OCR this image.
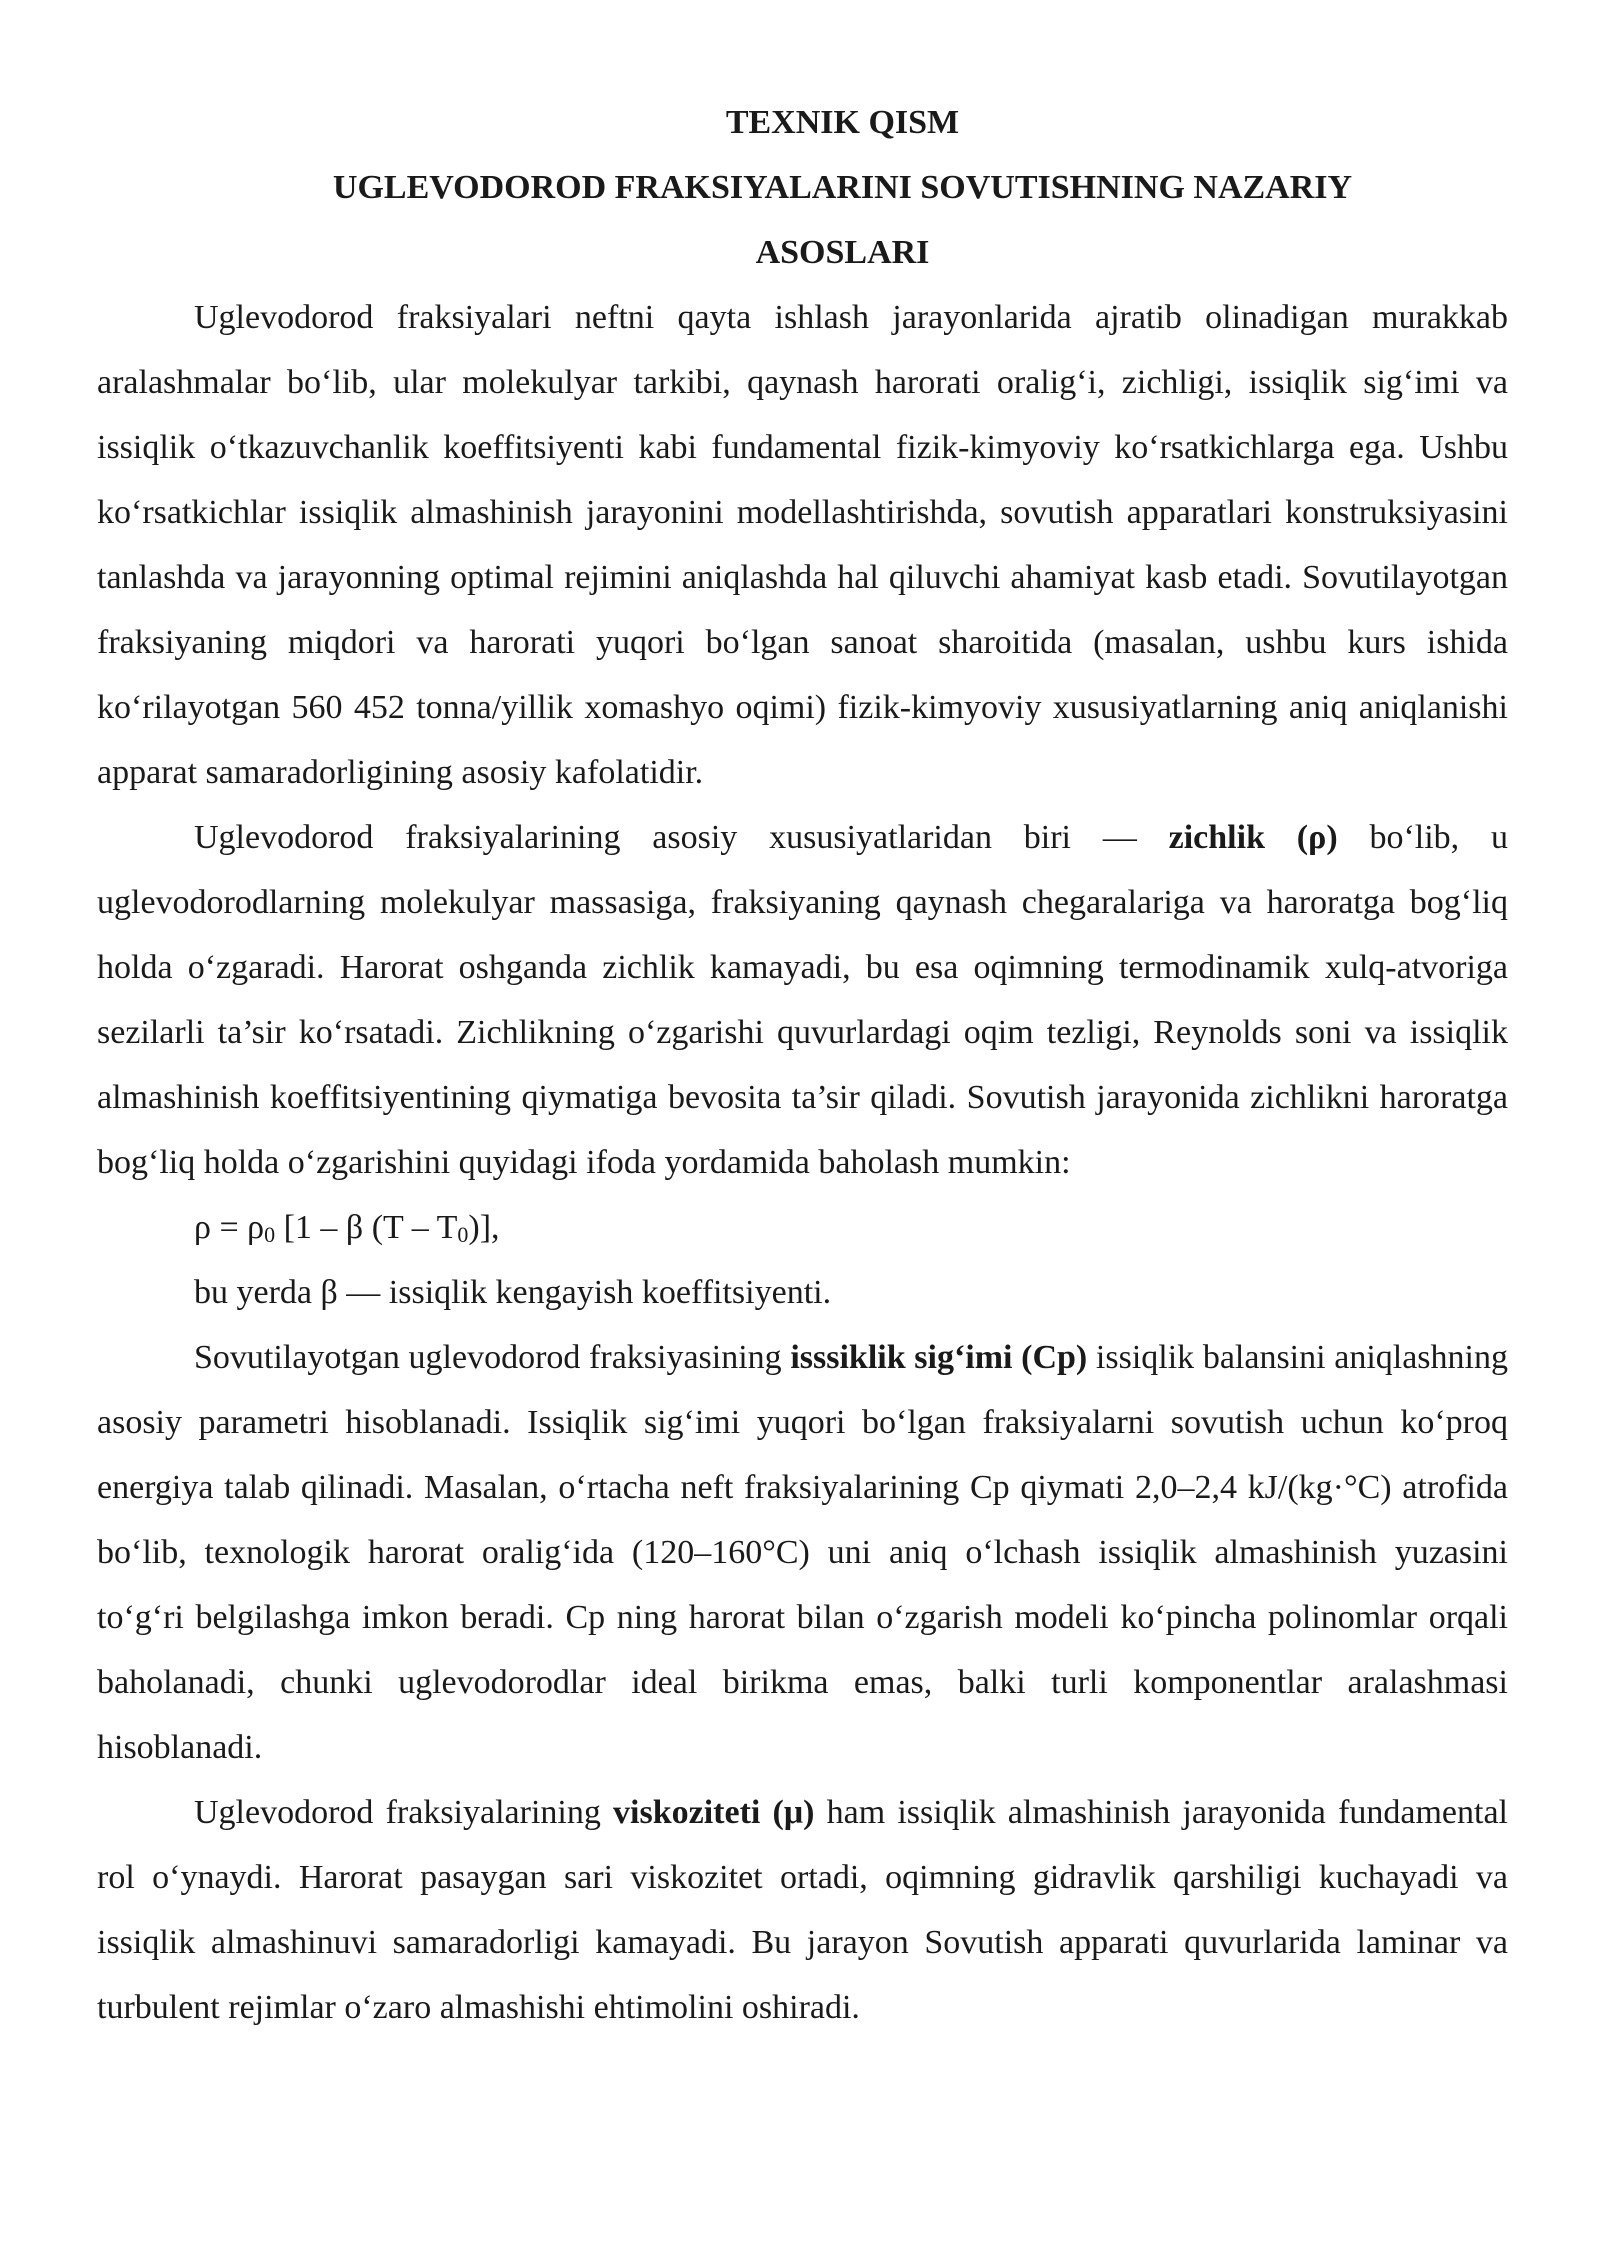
TEXNIK QISM

UGLEVODOROD FRAKSIYALARINI SOVUTISHNING NAZARIY

ASOSLARI

Uglevodorod fraksiyalari neftni qayta ishlash jarayonlarida ajratib olinadigan murakkab aralashmalar bo‘lib, ular molekulyar tarkibi, qaynash harorati oralig‘i, zichligi, issiqlik sig‘imi va issiqlik o‘tkazuvchanlik koeffitsiyenti kabi fundamental fizik-kimyoviy ko‘rsatkichlarga ega. Ushbu ko‘rsatkichlar issiqlik almashinish jarayonini modellashtirishda, sovutish apparatlari konstruksiyasini tanlashda va jarayonning optimal rejimini aniqlashda hal qiluvchi ahamiyat kasb etadi. Sovutilayotgan fraksiyaning miqdori va harorati yuqori bo‘lgan sanoat sharoitida (masalan, ushbu kurs ishida ko‘rilayotgan 560 452 tonna/yillik xomashyo oqimi) fizik-kimyoviy xususiyatlarning aniq aniqlanishi apparat samaradorligining asosiy kafolatidir.

Uglevodorod fraksiyalarining asosiy xususiyatlaridan biri — zichlik (ρ) bo‘lib, u uglevodorodlarning molekulyar massasiga, fraksiyaning qaynash chegaralariga va haroratga bog‘liq holda o‘zgaradi. Harorat oshganda zichlik kamayadi, bu esa oqimning termodinamik xulq-atvoriga sezilarli ta’sir ko‘rsatadi. Zichlikning o‘zgarishi quvurlardagi oqim tezligi, Reynolds soni va issiqlik almashinish koeffitsiyentining qiymatiga bevosita ta’sir qiladi. Sovutish jarayonida zichlikni haroratga bog‘liq holda o‘zgarishini quyidagi ifoda yordamida baholash mumkin:

$\rho = \rho_0$ [1 – β $(T - T_0)$],

bu yerda β — issiqlik kengayish koeffitsiyenti.

Sovutilayotgan uglevodorod fraksiyasining isssiklik sig‘imi (Cp) issiqlik balansini aniqlashning asosiy parametri hisoblanadi. Issiqlik sig‘imi yuqori bo‘lgan fraksiyalarni sovutish uchun ko‘proq energiya talab qilinadi. Masalan, o‘rtacha neft fraksiyalarining Cp qiymati 2,0–2,4 kJ/(kg·°C) atrofida bo‘lib, texnologik harorat oralig‘ida (120–160°C) uni aniq o‘lchash issiqlik almashinish yuzasini to‘g‘ri belgilashga imkon beradi. Cp ning harorat bilan o‘zgarish modeli ko‘pincha polinomlar orqali baholanadi, chunki uglevodorodlar ideal birikma emas, balki turli komponentlar aralashmasi hisoblanadi.

Uglevodorod fraksiyalarining viskoziteti (μ) ham issiqlik almashinish jarayonida fundamental rol o‘ynaydi. Harorat pasaygan sari viskozitet ortadi, oqimning gidravlik qarshiligi kuchayadi va issiqlik almashinuvi samaradorligi kamayadi. Bu jarayon Sovutish apparati quvurlarida laminar va turbulent rejimlar o‘zaro almashishi ehtimolini oshiradi.
